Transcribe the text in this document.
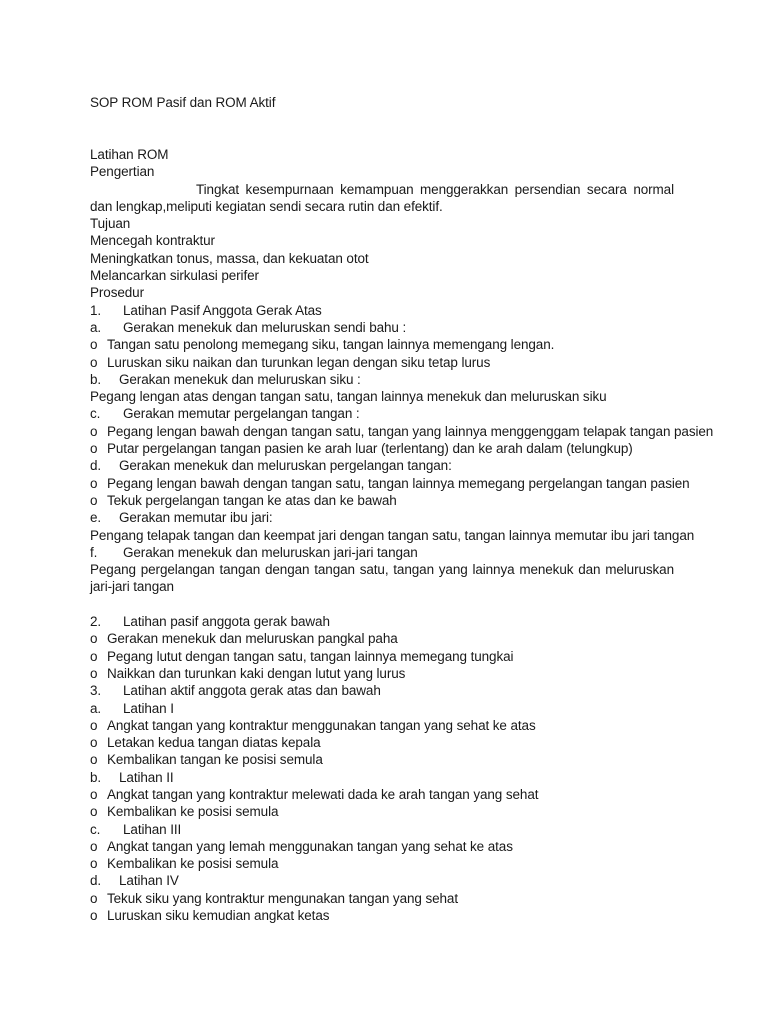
SOP ROM Pasif dan ROM Aktif
Latihan ROM
Pengertian
Tingkat kesempurnaan kemampuan menggerakkan persendian secara normal dan lengkap,meliputi kegiatan sendi secara rutin dan efektif.
Tujuan
Mencegah kontraktur
Meningkatkan tonus, massa, dan kekuatan otot
Melancarkan sirkulasi perifer
Prosedur
1. Latihan Pasif Anggota Gerak Atas
a. Gerakan menekuk dan meluruskan sendi bahu :
o Tangan satu penolong memegang siku, tangan lainnya memengang lengan.
o Luruskan siku naikan dan turunkan legan dengan siku tetap lurus
b. Gerakan menekuk dan meluruskan siku :
Pegang lengan atas dengan tangan satu, tangan lainnya menekuk dan meluruskan siku
c. Gerakan memutar pergelangan tangan :
o Pegang lengan bawah dengan tangan satu, tangan yang lainnya menggenggam telapak tangan pasien
o Putar pergelangan tangan pasien ke arah luar (terlentang) dan ke arah dalam (telungkup)
d. Gerakan menekuk dan meluruskan pergelangan tangan:
o Pegang lengan bawah dengan tangan satu, tangan lainnya memegang pergelangan tangan pasien
o Tekuk pergelangan tangan ke atas dan ke bawah
e. Gerakan memutar ibu jari:
Pengang telapak tangan dan keempat jari dengan tangan satu, tangan lainnya memutar ibu jari tangan
f. Gerakan menekuk dan meluruskan jari-jari tangan
Pegang pergelangan tangan dengan tangan satu, tangan yang lainnya menekuk dan meluruskan jari-jari tangan
2. Latihan pasif anggota gerak bawah
o Gerakan menekuk dan meluruskan pangkal paha
o Pegang lutut dengan tangan satu, tangan lainnya memegang tungkai
o Naikkan dan turunkan kaki dengan lutut yang lurus
3. Latihan aktif anggota gerak atas dan bawah
a. Latihan I
o Angkat tangan yang kontraktur menggunakan tangan yang sehat ke atas
o Letakan kedua tangan diatas kepala
o Kembalikan tangan ke posisi semula
b. Latihan II
o Angkat tangan yang kontraktur melewati dada ke arah tangan yang sehat
o Kembalikan ke posisi semula
c. Latihan III
o Angkat tangan yang lemah menggunakan tangan yang sehat ke atas
o Kembalikan ke posisi semula
d. Latihan IV
o Tekuk siku yang kontraktur mengunakan tangan yang sehat
o Luruskan siku kemudian angkat ketas
